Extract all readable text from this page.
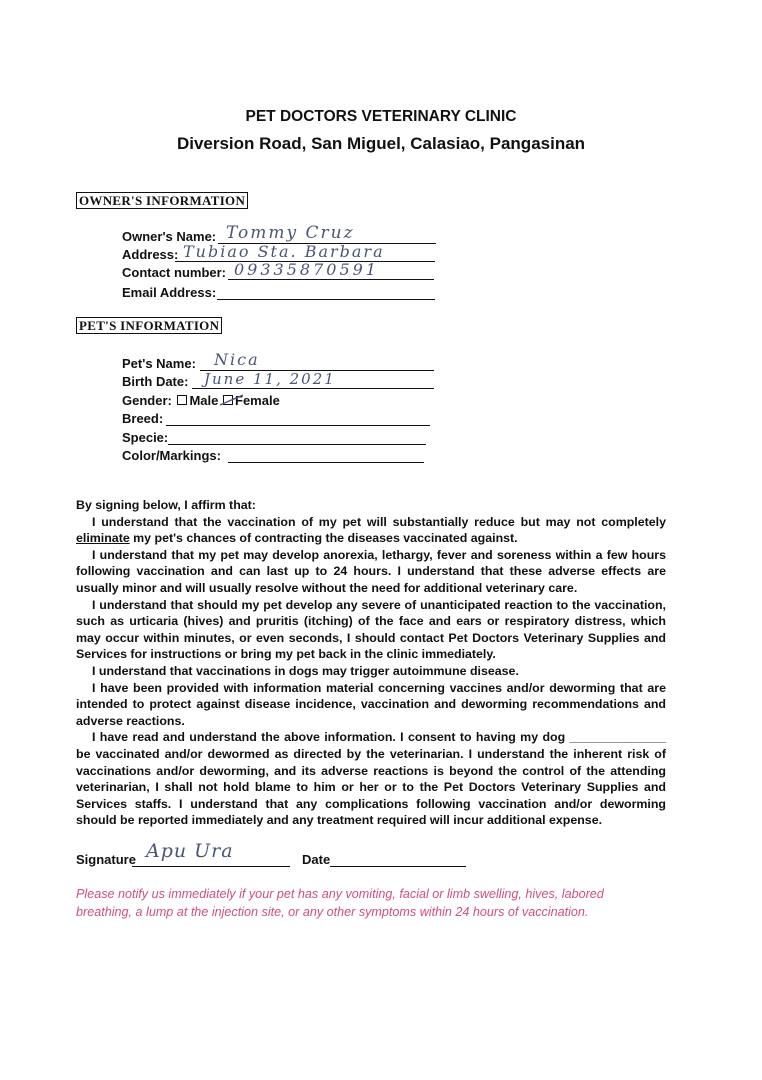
PET DOCTORS VETERINARY CLINIC
Diversion Road, San Miguel, Calasiao, Pangasinan
OWNER'S INFORMATION
Owner's Name: Tommy Cruz
Address: Tubiao Sta. Barbara
Contact number: 09335870591
Email Address:
PET'S INFORMATION
Pet's Name: Nica
Birth Date: June 11, 2021
Gender: Male Female
Breed:
Specie:
Color/Markings:

By signing below, I affirm that:

I understand that the vaccination of my pet will substantially reduce but may not completely eliminate my pet's chances of contracting the diseases vaccinated against.

I understand that my pet may develop anorexia, lethargy, fever and soreness within a few hours following vaccination and can last up to 24 hours. I understand that these adverse effects are usually minor and will usually resolve without the need for additional veterinary care.

I understand that should my pet develop any severe of unanticipated reaction to the vaccination, such as urticaria (hives) and pruritis (itching) of the face and ears or respiratory distress, which may occur within minutes, or even seconds, I should contact Pet Doctors Veterinary Supplies and Services for instructions or bring my pet back in the clinic immediately.

I understand that vaccinations in dogs may trigger autoimmune disease.

I have been provided with information material concerning vaccines and/or deworming that are intended to protect against disease incidence, vaccination and deworming recommendations and adverse reactions.

I have read and understand the above information. I consent to having my dog ______________ be vaccinated and/or dewormed as directed by the veterinarian. I understand the inherent risk of vaccinations and/or deworming, and its adverse reactions is beyond the control of the attending veterinarian, I shall not hold blame to him or her or to the Pet Doctors Veterinary Supplies and Services staffs. I understand that any complications following vaccination and/or deworming should be reported immediately and any treatment required will incur additional expense.

Signature Apu Ura	Date
Please notify us immediately if your pet has any vomiting, facial or limb swelling, hives, labored breathing, a lump at the injection site, or any other symptoms within 24 hours of vaccination.
